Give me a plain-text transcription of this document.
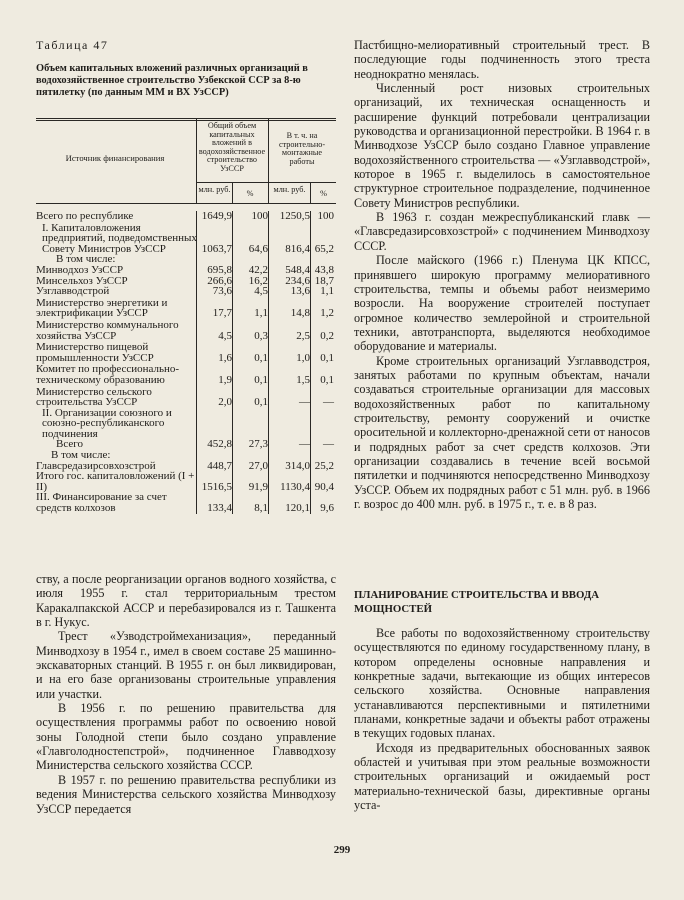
Таблица 47
Объем капитальных вложений различных организаций в водохозяйственное строительство Узбекской ССР за 8-ю пятилетку (по данным ММ и ВХ УзССР)
Источник финансирования
Общий объем капитальных вложений в водохозяйственное строительство УзССР
В т. ч. на строительно-монтажные работы
млн. руб.	%	млн. руб.	%
Всего по республике	1649,9	100	1250,5 100
I. Капиталовложения предприятий, подведомственных Совету Министров УзССР	1063,7	64,6	816,4 65,2
В том числе:
Минводхоз УзССР	695,8	42,2	548,4 43,8
Минсельхоз УзССР	266,6	16,2	234,6 18,7
Узглавводстрой	73,6	4,5	13,6 1,1
Министерство энергетики и электрификации УзССР	17,7	1,1	14,8 1,2
Министерство коммунального хозяйства УзССР	4,5	0,3	2,5 0,2
Министерство пищевой промышленности УзССР	1,6	0,1	1,0 0,1
Комитет по профессионально-техническому образованию	1,9	0,1	1,5 0,1
Министерство сельского строительства УзССР	2,0	0,1	—	—
II. Организации союзного и союзно-республиканского подчинения
Всего	452,8	27,3	—	—
В том числе:
Главсредазирсовхозстрой	448,7	27,0	314,0 25,2
Итого гос. капиталовложений (I + II)	1516,5	91,9	1130,4 90,4
III. Финансирование за счет средств колхозов	133,4	8,1	120,1 9,6

ству, а после реорганизации органов водного хозяйства, с июля 1955 г. стал территориальным трестом Каракалпакской АССР и перебазировался из г. Ташкента в г. Нукус.

Трест «Узводстроймеханизация», переданный Минводхозу в 1954 г., имел в своем составе 25 машинно-экскаваторных станций. В 1955 г. он был ликвидирован, и на его базе организованы строительные управления или участки.

В 1956 г. по решению правительства для осуществления программы работ по освоению новой зоны Голодной степи было создано управление «Главголодностепстрой», подчиненное Главводхозу Министерства сельского хозяйства СССР.

В 1957 г. по решению правительства республики из ведения Министерства сельского хозяйства Минводхозу УзССР передается

Пастбищно-мелиоративный строительный трест. В последующие годы подчиненность этого треста неоднократно менялась.

Численный рост низовых строительных организаций, их техническая оснащенность и расширение функций потребовали централизации руководства и организационной перестройки. В 1964 г. в Минводхозе УзССР было создано Главное управление водохозяйственного строительства — «Узглавводстрой», которое в 1965 г. выделилось в самостоятельное структурное строительное подразделение, подчиненное Совету Министров республики.

В 1963 г. создан межреспубликанский главк — «Главсредазирсовхозстрой» с подчинением Минводхозу СССР.

После майского (1966 г.) Пленума ЦК КПСС, принявшего широкую программу мелиоративного строительства, темпы и объемы работ неизмеримо возросли. На вооружение строителей поступает огромное количество землеройной и строительной техники, автотранспорта, выделяются необходимое оборудование и материалы.

Кроме строительных организаций Узглавводстроя, занятых работами по крупным объектам, начали создаваться строительные организации для массовых водохозяйственных работ по капитальному строительству, ремонту сооружений и очистке оросительной и коллекторно-дренажной сети от наносов и подрядных работ за счет средств колхозов. Эти организации создавались в течение всей восьмой пятилетки и подчиняются непосредственно Минводхозу УзССР. Объем их подрядных работ с 51 млн. руб. в 1966 г. возрос до 400 млн. руб. в 1975 г., т. е. в 8 раз.

ПЛАНИРОВАНИЕ СТРОИТЕЛЬСТВА И ВВОДА МОЩНОСТЕЙ

Все работы по водохозяйственному строительству осуществляются по единому государственному плану, в котором определены основные направления и конкретные задачи, вытекающие из общих интересов сельского хозяйства. Основные направления устанавливаются перспективными и пятилетними планами, конкретные задачи и объекты работ отражены в текущих годовых планах.

Исходя из предварительных обоснованных заявок областей и учитывая при этом реальные возможности строительных организаций и ожидаемый рост материально-технической базы, директивные органы уста-

299
